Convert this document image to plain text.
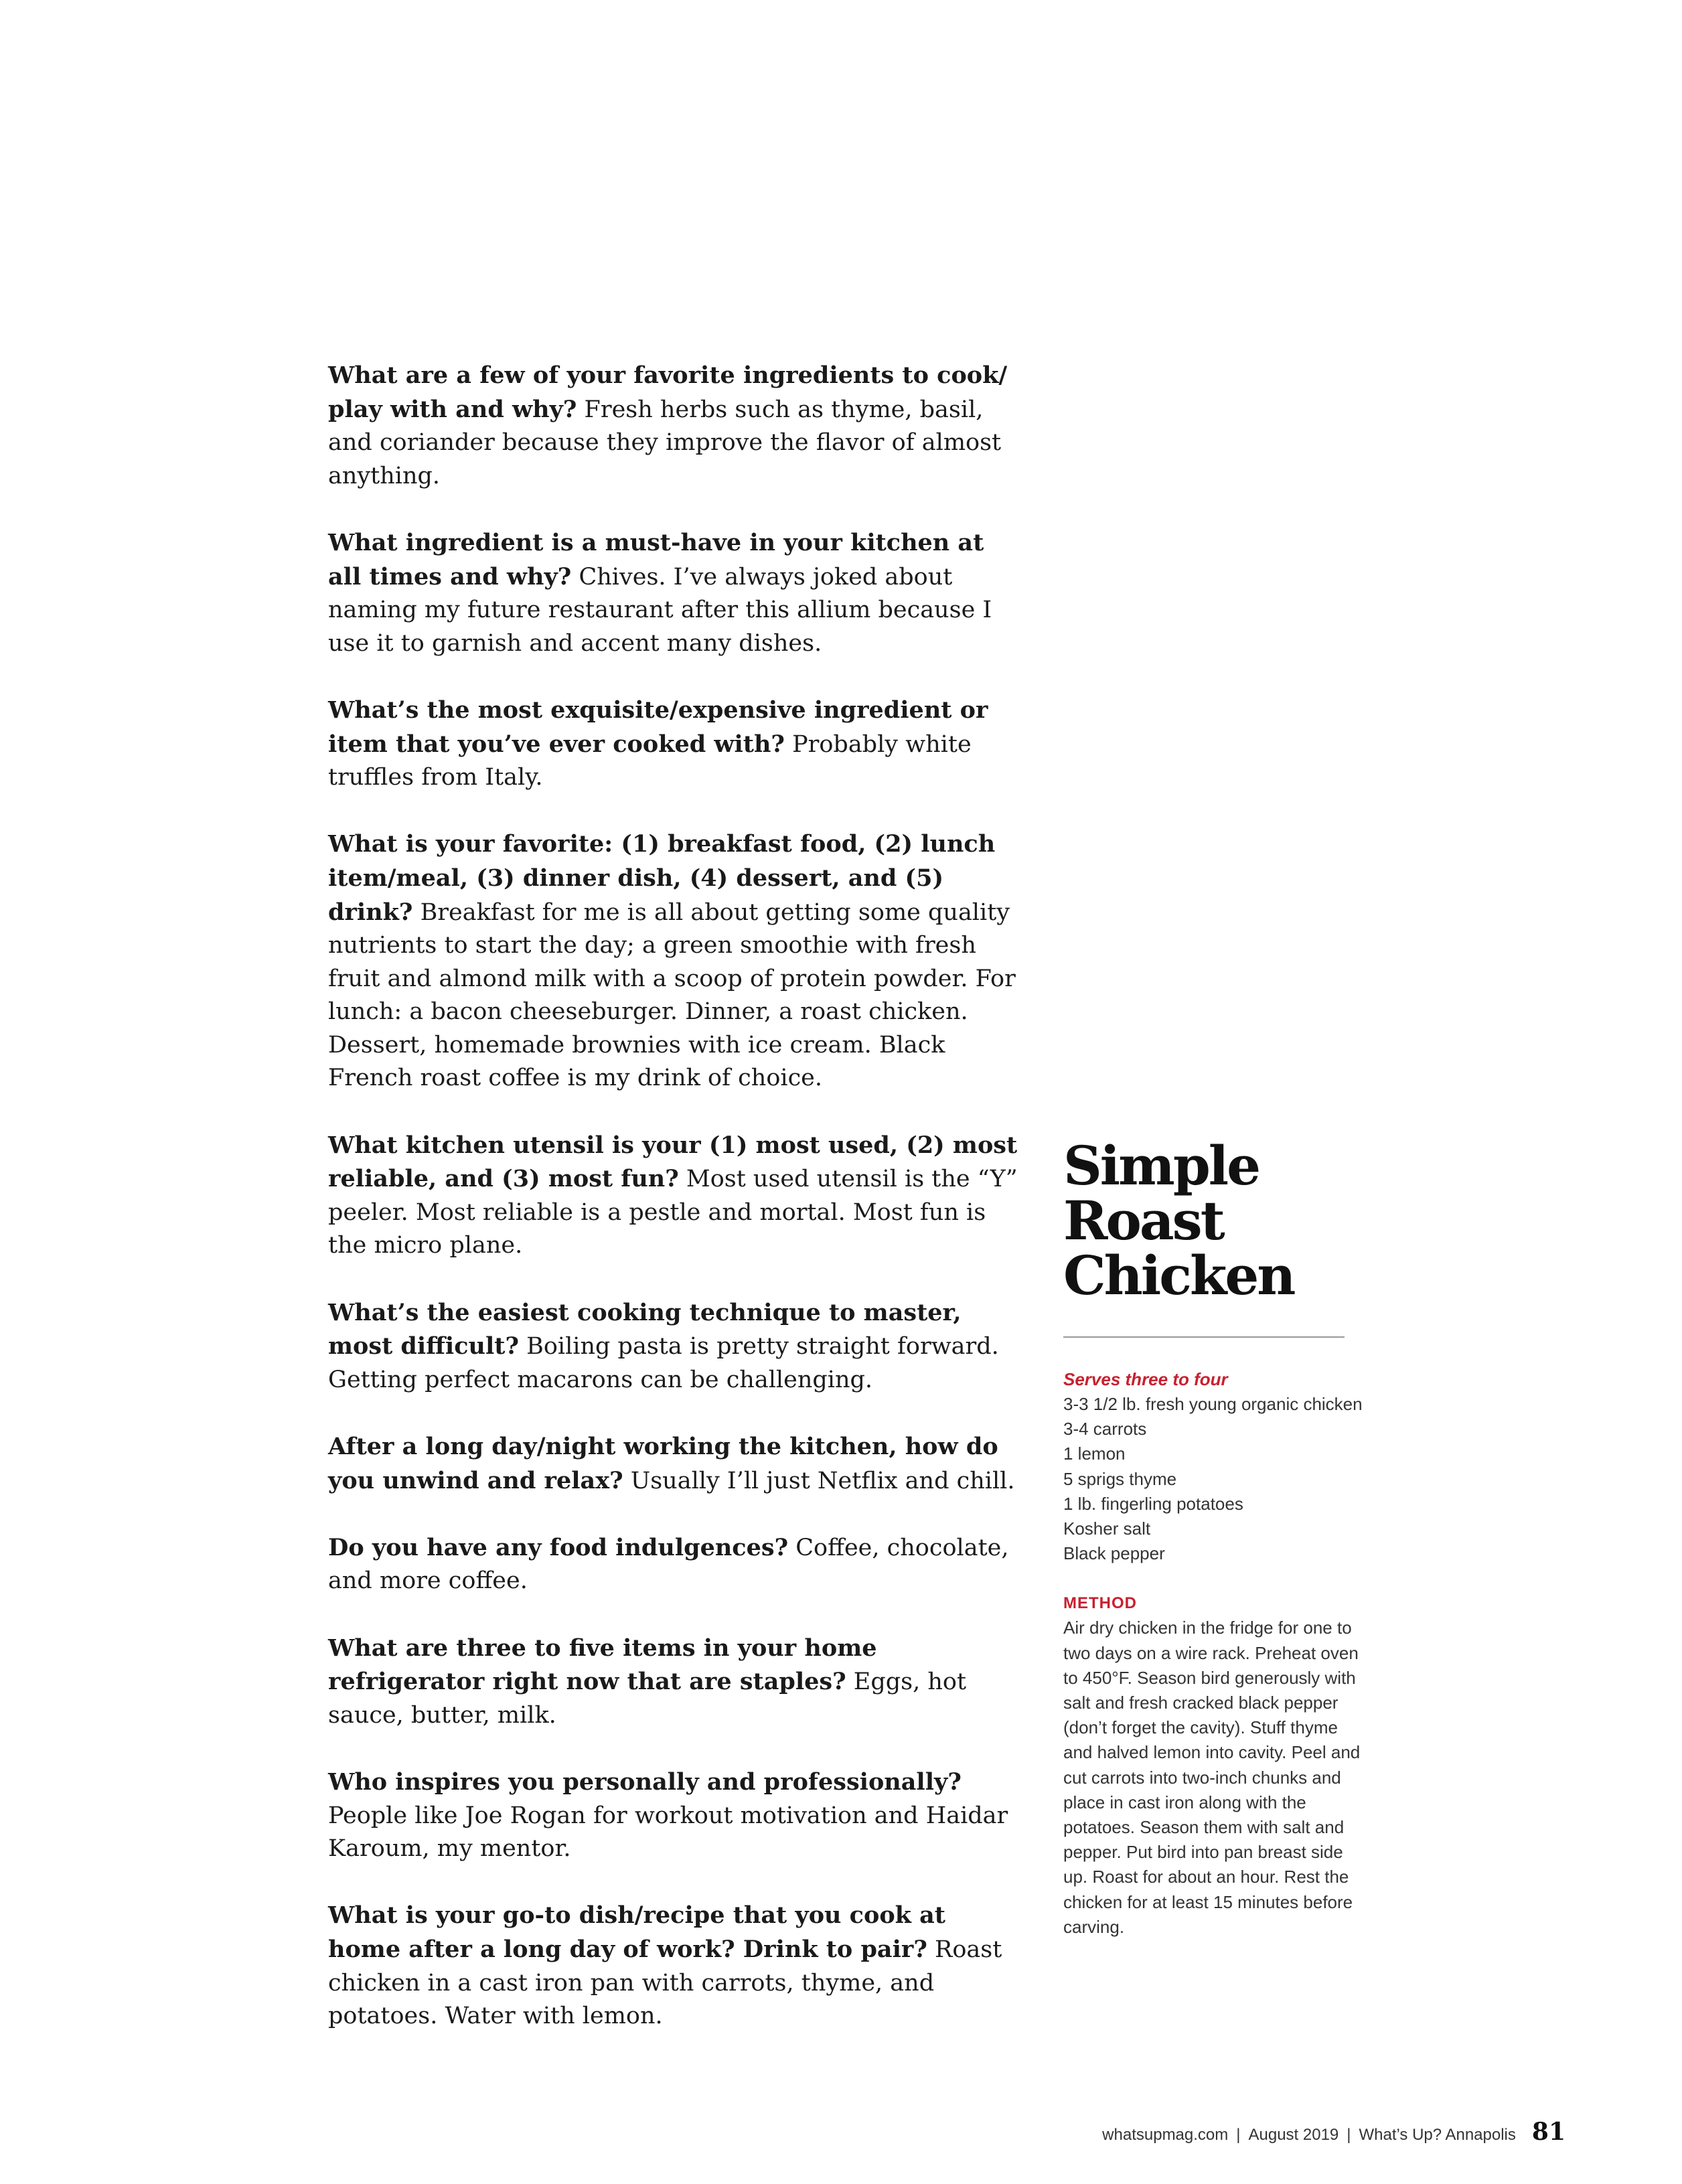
What are a few of your favorite ingredients to cook/ play with and why? Fresh herbs such as thyme, basil, and coriander because they improve the flavor of almost anything.

What ingredient is a must-have in your kitchen at all times and why? Chives. I’ve always joked about naming my future restaurant after this allium because I use it to garnish and accent many dishes.

What’s the most exquisite/expensive ingredient or item that you’ve ever cooked with? Probably white truffles from Italy.

What is your favorite: (1) breakfast food, (2) lunch item/meal, (3) dinner dish, (4) dessert, and (5) drink? Breakfast for me is all about getting some quality nutrients to start the day; a green smoothie with fresh fruit and almond milk with a scoop of protein powder. For lunch: a bacon cheeseburger. Dinner, a roast chicken. Dessert, homemade brownies with ice cream. Black French roast coffee is my drink of choice.

What kitchen utensil is your (1) most used, (2) most reliable, and (3) most fun? Most used utensil is the “Y” peeler. Most reliable is a pestle and mortal. Most fun is the micro plane.

What’s the easiest cooking technique to master, most difficult? Boiling pasta is pretty straight forward. Getting perfect macarons can be challenging.

After a long day/night working the kitchen, how do you unwind and relax? Usually I’ll just Netflix and chill.

Do you have any food indulgences? Coffee, chocolate, and more coffee.

What are three to five items in your home refrigerator right now that are staples? Eggs, hot sauce, butter, milk.

Who inspires you personally and professionally? People like Joe Rogan for workout motivation and Haidar Karoum, my mentor.

What is your go-to dish/recipe that you cook at home after a long day of work? Drink to pair? Roast chicken in a cast iron pan with carrots, thyme, and potatoes. Water with lemon.

Simple
Roast
Chicken
Serves three to four
3-3 1/2 lb. fresh young organic chicken
3-4 carrots
1 lemon
5 sprigs thyme
1 lb. fingerling potatoes
Kosher salt
Black pepper
METHOD
Air dry chicken in the fridge for one to two days on a wire rack. Preheat oven to 450°F. Season bird generously with salt and fresh cracked black pepper (don’t forget the cavity). Stuff thyme and halved lemon into cavity. Peel and cut carrots into two-inch chunks and place in cast iron along with the potatoes. Season them with salt and pepper. Put bird into pan breast side up. Roast for about an hour. Rest the chicken for at least 15 minutes before carving.
whatsupmag.com | August 2019 | What’s Up? Annapolis 81
